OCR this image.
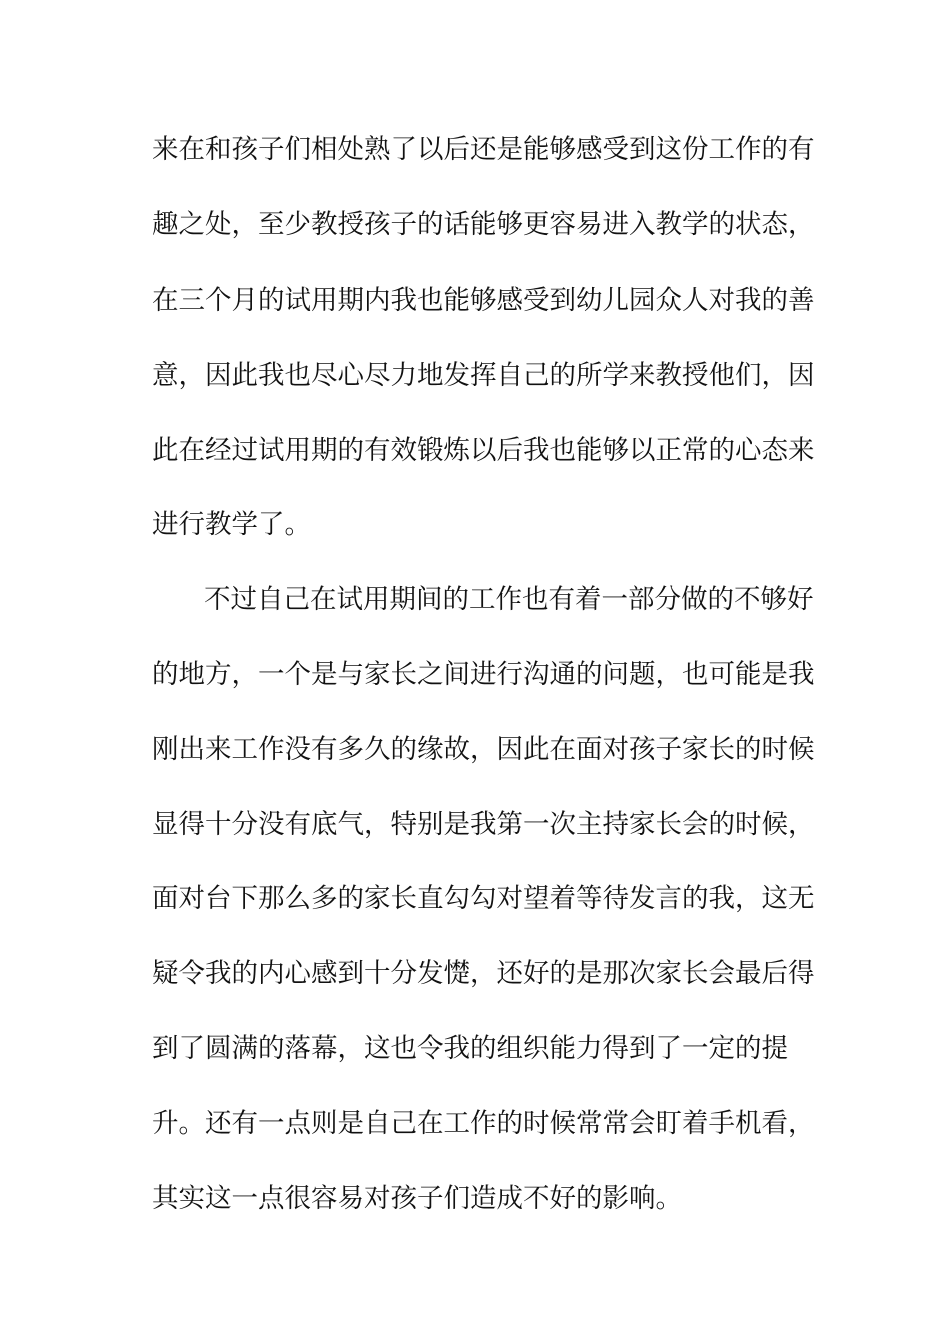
来在和孩子们相处熟了以后还是能够感受到这份工作的有
趣之处，至少教授孩子的话能够更容易进入教学的状态，
在三个月的试用期内我也能够感受到幼儿园众人对我的善
意，因此我也尽心尽力地发挥自己的所学来教授他们，因
此在经过试用期的有效锻炼以后我也能够以正常的心态来
进行教学了。
不过自己在试用期间的工作也有着一部分做的不够好
的地方，一个是与家长之间进行沟通的问题，也可能是我
刚出来工作没有多久的缘故，因此在面对孩子家长的时候
显得十分没有底气，特别是我第一次主持家长会的时候，
面对台下那么多的家长直勾勾对望着等待发言的我，这无
疑令我的内心感到十分发憷，还好的是那次家长会最后得
到了圆满的落幕，这也令我的组织能力得到了一定的提
升。还有一点则是自己在工作的时候常常会盯着手机看，
其实这一点很容易对孩子们造成不好的影响。
